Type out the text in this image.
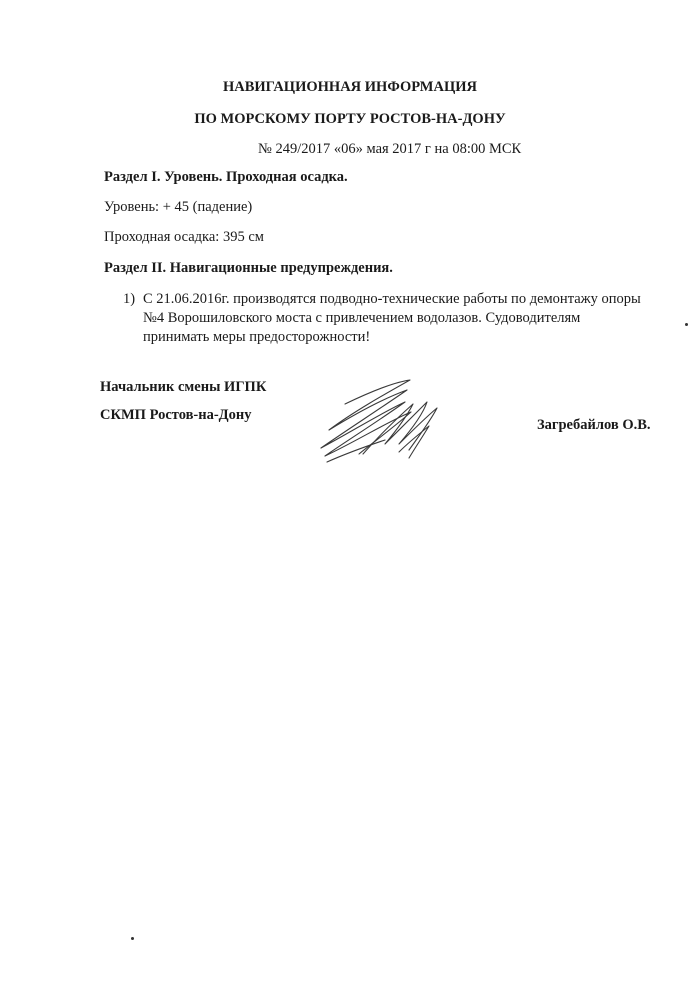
НАВИГАЦИОННАЯ ИНФОРМАЦИЯ
ПО МОРСКОМУ ПОРТУ РОСТОВ-НА-ДОНУ
№ 249/2017 «06» мая 2017 г на 08:00 МСК
Раздел I. Уровень. Проходная осадка.
Уровень: + 45 (падение)
Проходная осадка: 395 см
Раздел II. Навигационные предупреждения.
1) С 21.06.2016г. производятся подводно-технические работы по демонтажу опоры №4 Ворошиловского моста с привлечением водолазов. Судоводителям принимать меры предосторожности!
Начальник смены ИГПК
СКМП Ростов-на-Дону
Загребайлов О.В.
